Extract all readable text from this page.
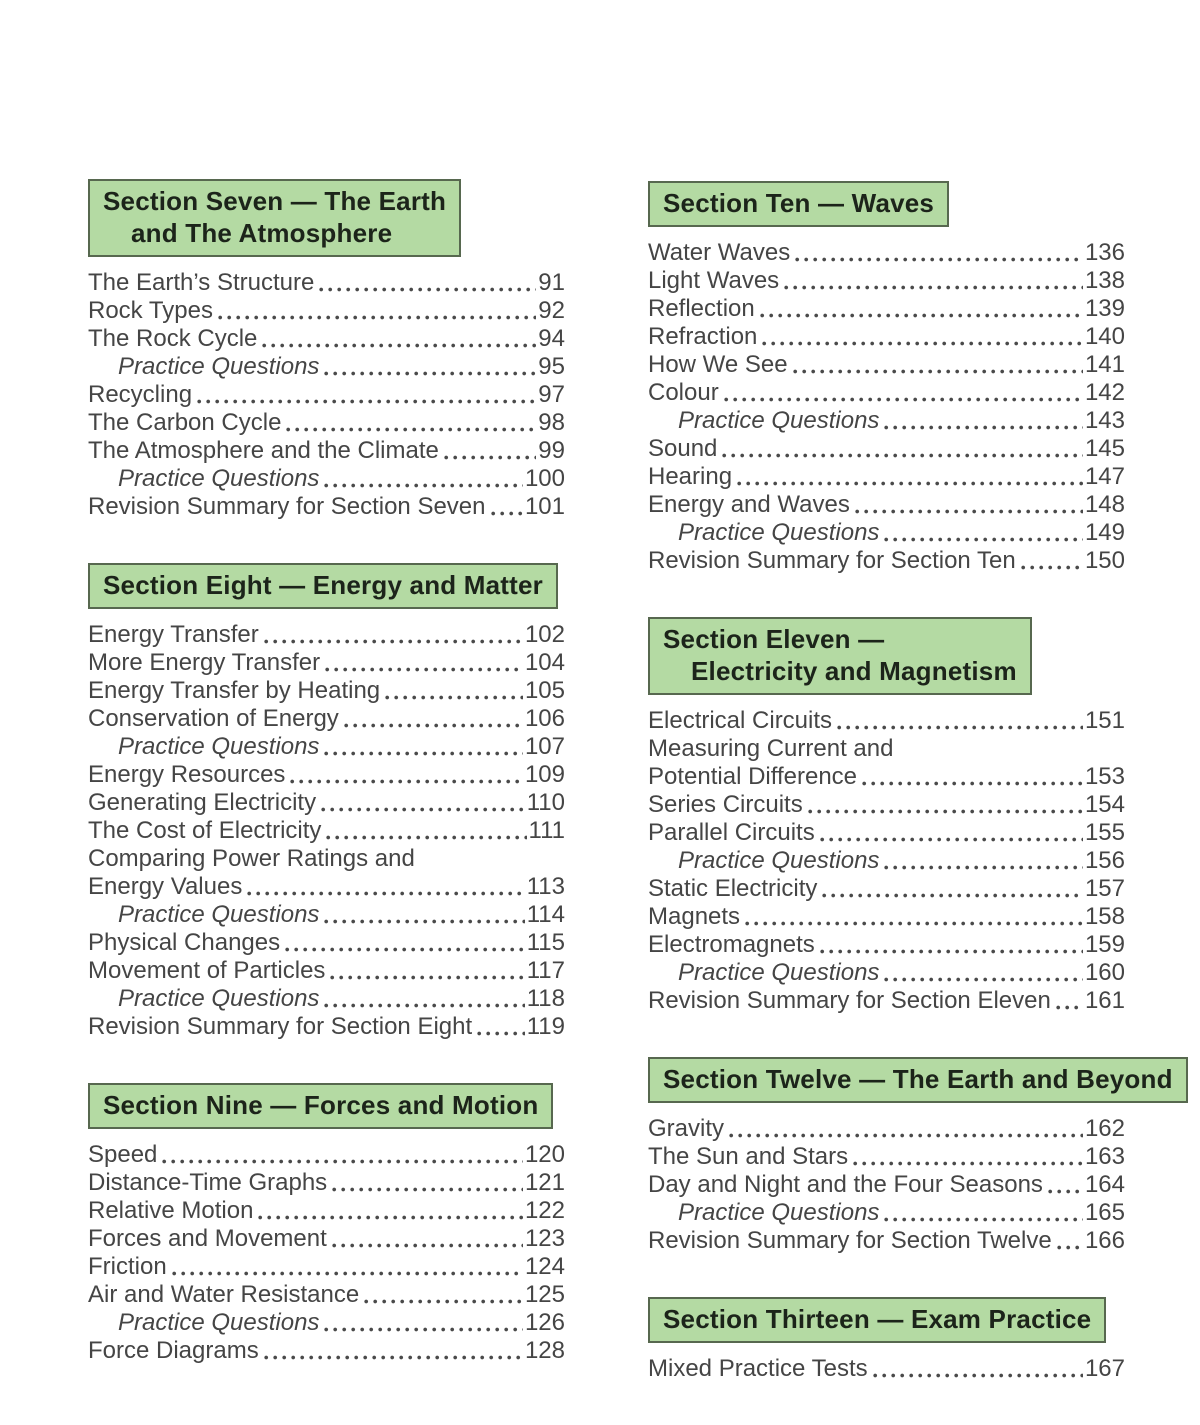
Section Seven — The Earth
and The Atmosphere
The Earth’s Structure	91
Rock Types	92
The Rock Cycle	94
Practice Questions	95
Recycling	97
The Carbon Cycle	98
The Atmosphere and the Climate	99
Practice Questions	100
Revision Summary for Section Seven 101
Section Eight — Energy and Matter
Energy Transfer	102
More Energy Transfer	104
Energy Transfer by Heating	105
Conservation of Energy	106
Practice Questions	107
Energy Resources	109
Generating Electricity	110
The Cost of Electricity	111
Comparing Power Ratings and
Energy Values	113
Practice Questions	114
Physical Changes	115
Movement of Particles	117
Practice Questions	118
Revision Summary for Section Eight 119
Section Nine — Forces and Motion
Speed	120
Distance-Time Graphs	121
Relative Motion	122
Forces and Movement	123
Friction	124
Air and Water Resistance	125
Practice Questions	126
Force Diagrams	128
Section Ten — Waves
Water Waves	136
Light Waves	138
Reflection	139
Refraction	140
How We See	141
Colour	142
Practice Questions	143
Sound	145
Hearing	147
Energy and Waves	148
Practice Questions	149
Revision Summary for Section Ten	150
Section Eleven —
Electricity and Magnetism
Electrical Circuits	151
Measuring Current and
Potential Difference	153
Series Circuits	154
Parallel Circuits	155
Practice Questions	156
Static Electricity	157
Magnets	158
Electromagnets	159
Practice Questions	160
Revision Summary for Section Eleven 161
Section Twelve — The Earth and Beyond
Gravity	162
The Sun and Stars	163
Day and Night and the Four Seasons 164
Practice Questions	165
Revision Summary for Section Twelve 166
Section Thirteen — Exam Practice
Mixed Practice Tests	167
